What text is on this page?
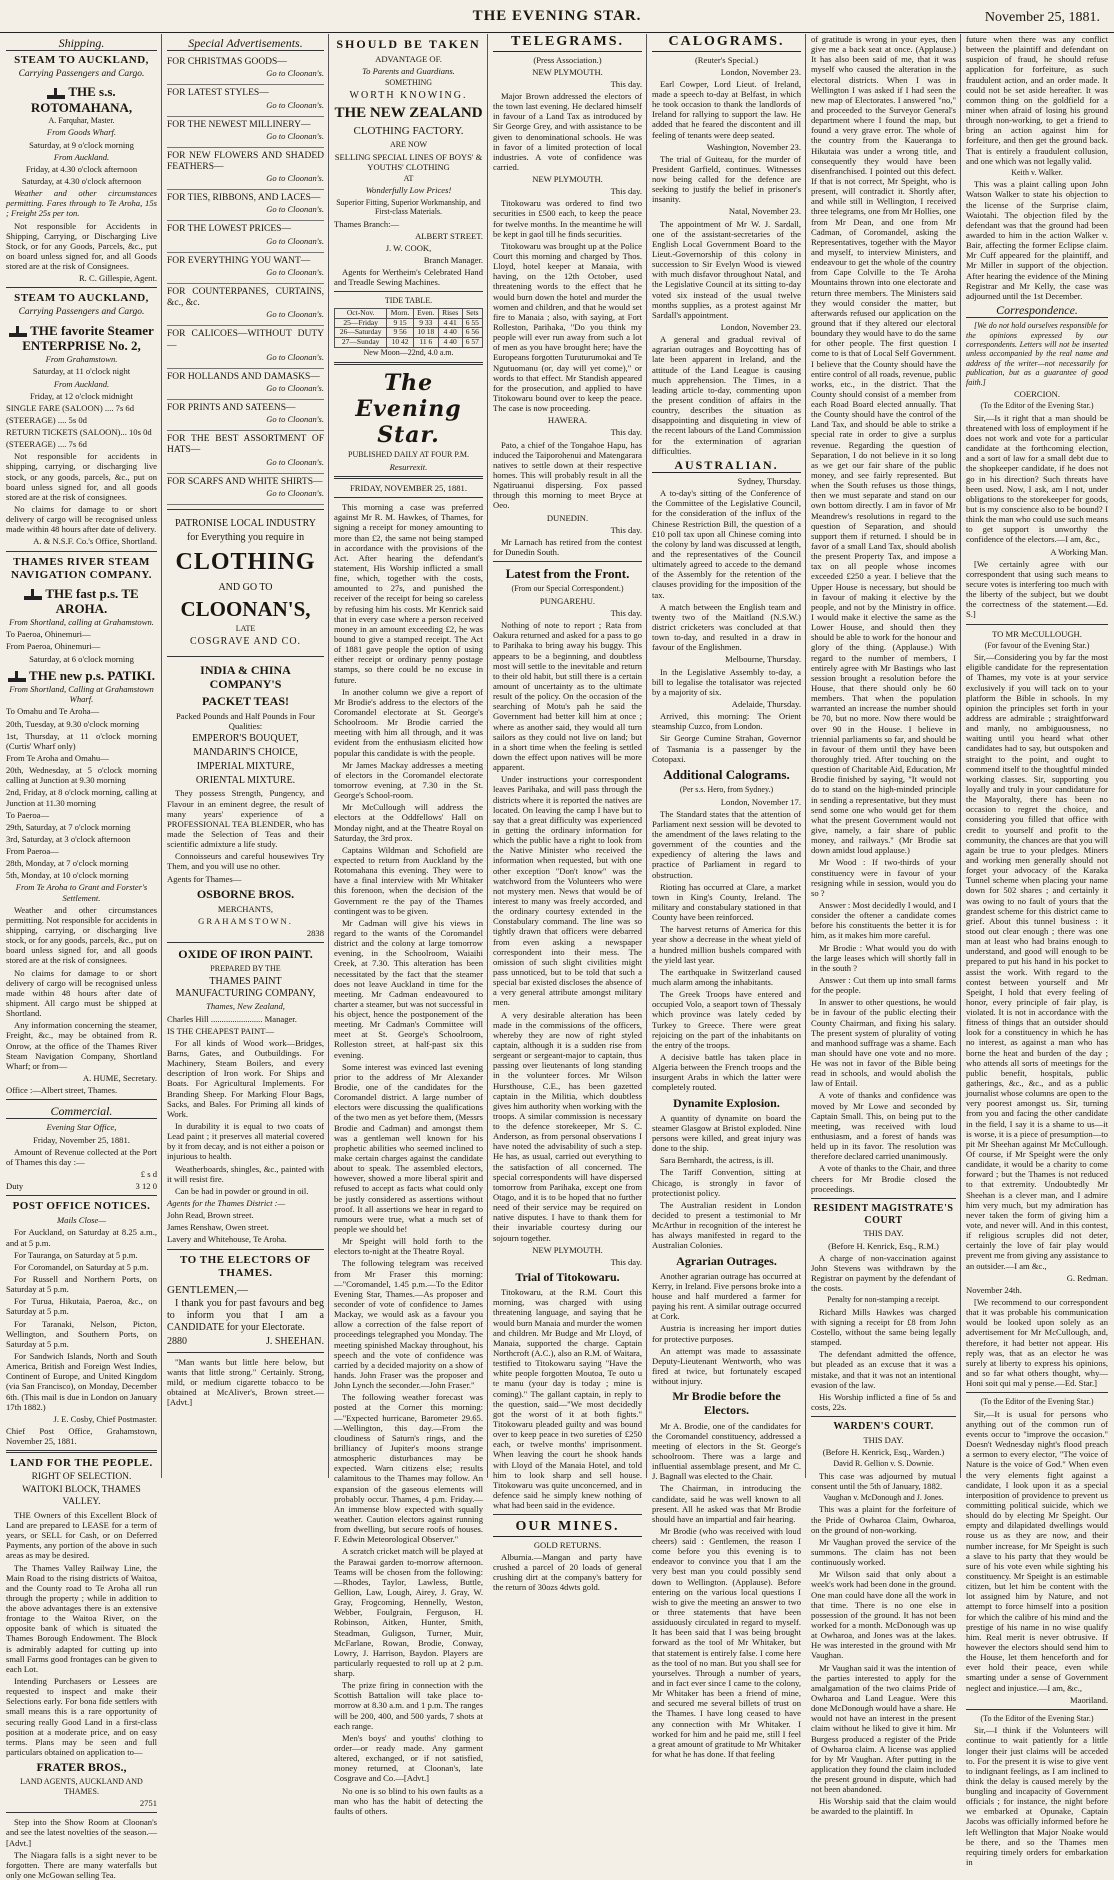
THE EVENING STAR.	November 25, 1881.
Shipping.
STEAM TO AUCKLAND,
Carrying Passengers and Cargo.
THE s.s. ROTOMAHANA,

A. Farquhar, Master.

From Goods Wharf.

Saturday, at 9 o'clock morning

From Auckland.

Friday, at 4.30 o'clock afternoon

Saturday, at 4.30 o'clock afternoon

Weather and other circumstances permitting. Fares through to Te Aroha, 15s ; Freight 25s per ton.

Not responsible for Accidents in Shipping, Carrying, or Discharging Live Stock, or for any Goods, Parcels, &c., put on board unless signed for, and all Goods stored are at the risk of Consignees.

R. C. Gillespie, Agent.

STEAM TO AUCKLAND,
Carrying Passengers and Cargo.
THE favorite Steamer ENTERPRISE No. 2,

From Grahamstown.

Saturday, at 11 o'clock night

From Auckland.

Friday, at 12 o'clock midnight

SINGLE FARE (SALOON) .... 7s 6d

(STEERAGE) .... 5s 0d

RETURN TICKETS (SALOON)... 10s 0d

(STEERAGE) .... 7s 6d

Not responsible for accidents in shipping, carrying, or discharging live stock, or any goods, parcels, &c., put on board unless signed for, and all goods stored are at the risk of consignees.

No claims for damage to or short delivery of cargo will be recognised unless made within 48 hours after date of delivery.

A. & N.S.F. Co.'s Office, Shortland.

THAMES RIVER STEAM NAVIGATION COMPANY.
THE fast p.s. TE AROHA.

From Shortland, calling at Grahamstown.

To Paeroa, Ohinemuri—

From Paeroa, Ohinemuri—

Saturday, at 6 o'clock morning

THE new p.s. PATIKI.

From Shortland, Calling at Grahamstown Wharf.

To Omahu and Te Aroha—

20th, Tuesday, at 9.30 o'clock morning

1st, Thursday, at 11 o'clock morning (Curtis' Wharf only)

From Te Aroha and Omahu—

20th, Wednesday, at 5 o'clock morning calling at Junction at 9.30 morning

2nd, Friday, at 8 o'clock morning, calling at Junction at 11.30 morning

To Paeroa—

29th, Saturday, at 7 o'clock morning

3rd, Saturday, at 3 o'clock afternoon

From Paeroa—

28th, Monday, at 7 o'clock morning

5th, Monday, at 10 o'clock morning

From Te Aroha to Grant and Forster's Settlement.

Weather and other circumstances permitting. Not responsible for accidents in shipping, carrying, or discharging live stock, or for any goods, parcels, &c., put on board unless signed for, and all goods stored are at the risk of consignees.

No claims for damage to or short delivery of cargo will be recognised unless made within 48 hours after date of shipment. All cargo must be shipped at Shortland.

Any information concerning the steamer, Freight, &c., may be obtained from R. Onrow, at the office of the Thames River Steam Navigation Company, Shortland Wharf; or from—

A. HUME, Secretary.

Office :—Albert street, Thames.

Commercial.

Evening Star Office,

Friday, November 25, 1881.

Amount of Revenue collected at the Port of Thames this day :—

£ s d

Duty	3 12 0
POST OFFICE NOTICES.

Mails Close—

For Auckland, on Saturday at 8.25 a.m., and at 5 p.m.

For Tauranga, on Saturday at 5 p.m.

For Coromandel, on Saturday at 5 p.m.

For Russell and Northern Ports, on Saturday at 5 p.m.

For Turua, Hikutaia, Paeroa, &c., on Saturday at 5 p.m.

For Taranaki, Nelson, Picton, Wellington, and Southern Ports, on Saturday at 5 p.m.

For Sandwich Islands, North and South America, British and Foreign West Indies, Continent of Europe, and United Kingdom (via San Francisco), on Monday, December 6th. (This mail is due in London on January 17th 1882.)

J. E. Cosby, Chief Postmaster.

Chief Post Office, Grahamstown, November 25, 1881.

LAND FOR THE PEOPLE.
RIGHT OF SELECTION.
WAITOKI BLOCK, THAMES VALLEY.

THE Owners of this Excellent Block of Land are prepared to LEASE for a term of years, or SELL for Cash, or on Deferred Payments, any portion of the above in such areas as may be desired.

The Thames Valley Railway Line, the Main Road to the rising districts of Waitoa, and the County road to Te Aroha all run through the property ; while in addition to the above advantages there is an extensive frontage to the Waitoa River, on the opposite bank of which is situated the Thames Borough Endowment. The Block is admirably adapted for cutting up into small Farms good frontages can be given to each Lot.

Intending Purchasers or Lessees are requested to inspect and make their Selections early. For bona fide settlers with small means this is a rare opportunity of securing really Good Land in a first-class position at a moderate price, and on easy terms. Plans may be seen and full particulars obtained on application to—

FRATER BROS.,

LAND AGENTS, AUCKLAND AND THAMES.

2751

Step into the Show Room at Cloonan's and see the latest novelties of the season.—[Advt.]

The Niagara falls is a sight never to be forgotten. There are many waterfalls but only one McGowan selling Tea.

Special Advertisements.
FOR CHRISTMAS GOODS—
Go to Cloonan's.
FOR LATEST STYLES—
Go to Cloonan's.
FOR THE NEWEST MILLINERY—
Go to Cloonan's.
FOR NEW FLOWERS AND SHADED FEATHERS—
Go to Cloonan's.
FOR TIES, RIBBONS, AND LACES—
Go to Cloonan's.
FOR THE LOWEST PRICES—
Go to Cloonan's.
FOR EVERYTHING YOU WANT—
Go to Cloonan's.
FOR COUNTERPANES, CURTAINS, &c., &c.
Go to Cloonan's.
FOR CALICOES—WITHOUT DUTY—
Go to Cloonan's.
FOR HOLLANDS AND DAMASKS—
Go to Cloonan's.
FOR PRINTS AND SATEENS—
Go to Cloonan's.
FOR THE BEST ASSORTMENT OF HATS—
Go to Cloonan's.
FOR SCARFS AND WHITE SHIRTS—
Go to Cloonan's.

PATRONISE LOCAL INDUSTRY

for Everything you require in

CLOTHING

AND GO TO

CLOONAN'S,

LATE

COSGRAVE AND CO.

INDIA & CHINA COMPANY'S
PACKET TEAS!

Packed Pounds and Half Pounds in Four Qualities:

EMPEROR'S BOUQUET,

MANDARIN'S CHOICE,

IMPERIAL MIXTURE,

ORIENTAL MIXTURE.

They possess Strength, Pungency, and Flavour in an eminent degree, the result of many years' experience of a PROFESSIONAL TEA BLENDER, who has made the Selection of Teas and their scientific admixture a life study.

Connoisseurs and careful housewives Try Them, and you will use no other.

Agents for Thames—

OSBORNE BROS.

MERCHANTS,

GRAHAMSTOWN.

2838

OXIDE OF IRON PAINT.

PREPARED BY THE

THAMES PAINT MANUFACTURING COMPANY,

Thames, New Zealand,

Charles Hill ........................ Manager.

IS THE CHEAPEST PAINT—

For all kinds of Wood work—Bridges, Barns, Gates, and Outbuildings. For Machinery, Steam Boilers, and every description of Iron work. For Ships and Boats. For Agricultural Implements. For Branding Sheep. For Marking Flour Bags, Sacks, and Bales. For Priming all kinds of Work.

In durability it is equal to two coats of Lead paint ; it preserves all material covered by it from decay, and is not either a poison or injurious to health.

Weatherboards, shingles, &c., painted with it will resist fire.

Can be had in powder or ground in oil.

Agents for the Thames District :—

John Read, Brown street.

James Renshaw, Owen street.

Lavery and Whitehouse, Te Aroha.

TO THE ELECTORS OF THAMES.

GENTLEMEN,—

I thank you for past favours and beg to inform you that I am a CANDIDATE for your Electorate.

2880	J. SHEEHAN.

"Man wants but little here below, but wants that little strong." Certainly. Strong, mild, or medium cigarette tobacco to be obtained at McAliver's, Brown street.—[Advt.]

SHOULD BE TAKEN

ADVANTAGE OF.

To Parents and Guardians.

SOMETHING

WORTH KNOWING.

THE NEW ZEALAND

CLOTHING FACTORY.

ARE NOW

SELLING SPECIAL LINES OF BOYS' & YOUTHS' CLOTHING

AT

Wonderfully Low Prices!

Superior Fitting, Superior Workmanship, and First-class Materials.

Thames Branch:—

ALBERT STREET.

J. W. COOK,

Branch Manager.

Agents for Wertheim's Celebrated Hand and Treadle Sewing Machines.

TIDE TABLE.

Oct-Nov.	Morn.	Even.	Rises	Sets
25—Friday	9 15	9 33	4 41	6 55
26—Saturday	9 56	10 18	4 40	6 56
27—Sunday	10 42	11 6	4 40	6 57

New Moon—22nd, 4.0 a.m.

The Evening Star.

PUBLISHED DAILY AT FOUR P.M.

Resurrexit.

FRIDAY, NOVEMBER 25, 1881.

This morning a case was preferred against Mr R. M. Hawkes, of Thames, for signing a receipt for money amounting to more than £2, the same not being stamped in accordance with the provisions of the Act. After hearing the defendant's statement, His Worship inflicted a small fine, which, together with the costs, amounted to 27s, and punished the receiver of the receipt for being so careless by refusing him his costs. Mr Kenrick said that in every case where a person received money in an amount exceeding £2, he was bound to give a stamped receipt. The Act of 1881 gave people the option of using either receipt or ordinary penny postage stamps, so there could be no excuse in future.

In another column we give a report of Mr Brodie's address to the electors of the Coromandel electorate at St. George's Schoolroom. Mr Brodie carried the meeting with him all through, and it was evident from the enthusiasm elicited how popular this candidate is with the people.

Mr James Mackay addresses a meeting of electors in the Coromandel electorate tomorrow evening, at 7.30 in the St. George's School-room.

Mr McCullough will address the electors at the Oddfellows' Hall on Monday night, and at the Theatre Royal on Saturday, the 3rd prox.

Captains Wildman and Schofield are expected to return from Auckland by the Rotomahana this evening. They were to have a final interview with Mr Whitaker this forenoon, when the decision of the Government re the pay of the Thames contingent was to be given.

Mr Cadman will give his views in regard to the wants of the Coromandel district and the colony at large tomorrow evening, in the Schoolroom, Waiaihi Creek, at 7.30. This alteration has been necessitated by the fact that the steamer does not leave Auckland in time for the meeting. Mr Cadman endeavoured to charter a steamer, but was not successful in his object, hence the postponement of the meeting. Mr Cadman's Committee will meet at St. George's Schoolroom, Rolleston street, at half-past six this evening.

Some interest was evinced last evening prior to the address of Mr Alexander Brodie, one of the candidates for the Coromandel district. A large number of electors were discussing the qualifications of the two men as yet before them, (Messrs Brodie and Cadman) and amongst them was a gentleman well known for his prophetic abilities who seemed inclined to make certain charges against the candidate about to speak. The assembled electors, however, showed a more liberal spirit and refused to accept as facts what could only be justly considered as assertions without proof. It all assertions we hear in regard to rumours were true, what a much set of people we should be!

Mr Speight will hold forth to the electors to-night at the Theatre Royal.

The following telegram was received from Mr Fraser this morning:—"Coromandel, 1.45 p.m.—To the Editor Evening Star, Thames.—As proposer and seconder of vote of confidence to James Mackay, we would ask as a favour you allow a correction of the false report of proceedings telegraphed you Monday. The meeting spinished Mackay throughout, his speech and the vote of confidence was carried by a decided majority on a show of hands. John Fraser was the proposer and John Lynch the seconder.—John Fraser."

The following weather forecast was posted at the Corner this morning:—"Expected hurricane, Barometer 29.65.—Wellington, this day.—From the cloudiness of Saturn's rings, and the brilliancy of Jupiter's moons strange atmospheric disturbances may be expected. Warn citizens else; results calamitous to the Thames may follow. An expansion of the gaseous elements will probably occur. Thames, 4 p.m. Friday.—An immense blow expected with squally weather. Caution electors against running from dwelling, but secure roofs of houses. F. Edwin Meteorological Observer."

A scratch cricket match will be played at the Parawai garden to-morrow afternoon. Teams will be chosen from the following:—Rhodes, Taylor, Lawless, Buttle, Gellion, Law, Lough, Airey, J. Gray, W. Gray, Frogcoming, Hennelly, Weston, Webber, Foulgrain, Ferguson, H. Robinson, Aitken, Hunter, Smith, Steadman, Guligson, Turner, Muir, McFarlane, Rowan, Brodie, Conway, Lowry, J. Harrison, Baydon. Players are particularly requested to roll up at 2 p.m. sharp.

The prize firing in connection with the Scottish Battalion will take place to-morrow at 8.30 a.m. and 1 p.m. The ranges will be 200, 400, and 500 yards, 7 shots at each range.

Men's boys' and youths' clothing to order—or ready made. Any garment altered, exchanged, or if not satisfied, money returned, at Cloonan's, late Cosgrave and Co.—[Advt.]

No one is so blind to his own faults as a man who has the habit of detecting the faults of others.

TELEGRAMS.

(Press Association.)

NEW PLYMOUTH.

This day.

Major Brown addressed the electors of the town last evening. He declared himself in favour of a Land Tax as introduced by Sir George Grey, and with assistance to be given to denominational schools. He was in favor of a limited protection of local industries. A vote of confidence was carried.

NEW PLYMOUTH.

This day.

Titokowaru was ordered to find two securities in £500 each, to keep the peace for twelve months. In the meantime he will be kept in gaol till he finds securities.

Titokowaru was brought up at the Police Court this morning and charged by Thos. Lloyd, hotel keeper at Manaia, with having, on the 12th October, used threatening words to the effect that he would burn down the hotel and murder the women and children, and that he would set fire to Manaia ; also, with saying, at Fort Rolleston, Parihaka, "Do you think my people will ever run away from such a lot of men as you have brought here; have the Europeans forgotten Turuturumokai and Te Ngutuomanu (or, day will yet come)," or words to that effect. Mr Standish appeared for the prosecution, and applied to have Titokowaru bound over to keep the peace. The case is now proceeding.

HAWERA.

This day.

Pato, a chief of the Tongahoe Hapu, has induced the Taiporohenui and Matengarara natives to settle down at their respective homes. This will probably result in all the Ngatiruanui dispersing. Fox passed through this morning to meet Bryce at Oeo.

DUNEDIN.

This day.

Mr Larnach has retired from the contest for Dunedin South.

Latest from the Front.

(From our Special Correspondent.)

PUNGAREHU.

This day.

Nothing of note to report ; Rata from Oakura returned and asked for a pass to go to Parihaka to bring away his buggy. This appears to be a beginning, and doubtless most will settle to the inevitable and return to their old habit, but still there is a certain amount of uncertainty as to the ultimate result of the policy. On the occasion of the searching of Motu's pah he said the Government had better kill him at once ; where as another said, they would all turn sailors as they could not live on land; but in a short time when the feeling is settled down the effect upon natives will be more apparent.

Under instructions your correspondent leaves Parihaka, and will pass through the districts where it is reported the natives are located. On leaving the camp I have but to say that a great difficulty was experienced in getting the ordinary information for which the public have a right to look from the Native Minister who received the information when requested, but with one other exception "Don't know" was the watchword from the Volunteers who were not mystery men. News that would be of interest to many was freely accorded, and the ordinary courtesy extended in the Constabulary command. The line was so tightly drawn that officers were debarred from even asking a newspaper correspondent into their mess. The omission of such slight civilities might pass unnoticed, but to be told that such a special bar existed discloses the absence of a very general attribute amongst military men.

A very desirable alteration has been made in the commissions of the officers, whereby they are now of right styled captain, although it is a sudden rise from sergeant or sergeant-major to captain, thus passing over lieutenants of long standing in the volunteer forces. Mr Wilson Hursthouse, C.E., has been gazetted captain in the Militia, which doubtless gives him authority when working with the troops. A similar commission is necessary to the defence storekeeper, Mr S. C. Anderson, as from personal observations I have noted the advisability of such a step. He has, as usual, carried out everything to the satisfaction of all concerned. The special correspondents will have dispersed tomorrow from Parihaka, except one from Otago, and it is to be hoped that no further need of their service may be required on native disputes. I have to thank them for their invariable courtesy during our sojourn together.

NEW PLYMOUTH.

This day.

Trial of Titokowaru.

Titokowaru, at the R.M. Court this morning, was charged with using threatening language, and saying that he would burn Manaia and murder the women and children. Mr Budge and Mr Lloyd, of Manaia, supported the charge. Captain Northcroft (A.C.), also an R.M. of Waitara, testified to Titokowaru saying "Have the white people forgotten Moutoa, Te outo u te manu (your day is today ; mine is coming)." The gallant captain, in reply to the question, said—"We most decidedly got the worst of it at both fights." Titokowaru pleaded guilty and was bound over to keep peace in two sureties of £250 each, or twelve months' imprisonment. When leaving the court he shook hands with Lloyd of the Manaia Hotel, and told him to look sharp and sell house. Titokowaru was quite unconcerned, and in defence said he simply knew nothing of what had been said in the evidence.

OUR MINES.

GOLD RETURNS.

Alburnia.—Mangan and party have crushed a parcel of 20 loads of general crushing dirt at the company's battery for the return of 30ozs 4dwts gold.

CALOGRAMS.

(Reuter's Special.)

London, November 23.

Earl Cowper, Lord Lieut. of Ireland, made a speech to-day at Belfast, in which he took occasion to thank the landlords of Ireland for rallying to support the law. He added that he feared the discontent and ill feeling of tenants were deep seated.

Washington, November 23.

The trial of Guiteau, for the murder of President Garfield, continues. Witnesses now being called for the defence are seeking to justify the belief in prisoner's insanity.

Natal, November 23.

The appointment of Mr W. J. Sardall, one of the assistant-secretaries of the English Local Government Board to the Lieut.-Governorship of this colony in succession to Sir Evelyn Wood is viewed with much disfavor throughout Natal, and the Legislative Council at its sitting to-day voted six instead of the usual twelve months supplies, as a protest against Mr Sardall's appointment.

London, November 23.

A general and gradual revival of agrarian outrages and Boycotting has of late been apparent in Ireland, and the attitude of the Land League is causing much apprehension. The Times, in a leading article to-day, commenting upon the present condition of affairs in the country, describes the situation as disappointing and disquieting in view of the recent labours of the Land Commission for the extermination of agrarian difficulties.

AUSTRALIAN.

Sydney, Thursday.

A to-day's sitting of the Conference of the Committee of the Legislative Council, for the consideration of the influx of the Chinese Restriction Bill, the question of a £10 poll tax upon all Chinese coming into the colony by land was discussed at length, and the representatives of the Council ultimately agreed to accede to the demand of the Assembly for the retention of the clauses providing for the imposition of the tax.

A match between the English team and twenty two of the Maitland (N.S.W.) district cricketers was concluded at that town to-day, and resulted in a draw in favour of the Englishmen.

Melbourne, Thursday.

In the Legislative Assembly to-day, a bill to legalise the totalisator was rejected by a majority of six.

Adelaide, Thursday.

Arrived, this morning: The Orient steamship Cuzco, from London.

Sir George Cumine Strahan, Governor of Tasmania is a passenger by the Cotopaxi.

Additional Calograms.

(Per s.s. Hero, from Sydney.)

London, November 17.

The Standard states that the attention of Parliament next session will be devoted to the amendment of the laws relating to the government of the counties and the expediency of altering the laws and practice of Parliament in regard to obstruction.

Rioting has occurred at Clare, a market town in King's County, Ireland. The military and constabulary stationed in that County have been reinforced.

The harvest returns of America for this year show a decrease in the wheat yield of a hundred million bushels compared with the yield last year.

The earthquake in Switzerland caused much alarm among the inhabitants.

The Greek Troops have entered and occupied Volo, a seaport town of Thessaly which province was lately ceded by Turkey to Greece. There were great rejoicing on the part of the inhabitants on the entry of the troops.

A decisive battle has taken place in Algeria between the French troops and the insurgent Arabs in which the latter were completely routed.

Dynamite Explosion.

A quantity of dynamite on board the steamer Glasgow at Bristol exploded. Nine persons were killed, and great injury was done to the ship.

Sara Bernhardt, the actress, is ill.

The Tariff Convention, sitting at Chicago, is strongly in favor of protectionist policy.

The Australian resident in London decided to present a testimonial to Mr McArthur in recognition of the interest he has always manifested in regard to the Australian Colonies.

Agrarian Outrages.

Another agrarian outrage has occurred at Kerry, in Ireland. Five persons broke into a house and half murdered a farmer for paying his rent. A similar outrage occurred at Cork.

Austria is increasing her import duties for protective purposes.

An attempt was made to assassinate Deputy-Lieutenant Wentworth, who was fired at twice, but fortunately escaped without injury.

Mr Brodie before the Electors.

Mr A. Brodie, one of the candidates for the Coromandel constituency, addressed a meeting of electors in the St. George's schoolroom. There was a large and influential assemblage present, and Mr C. J. Bagnall was elected to the Chair.

The Chairman, in introducing the candidate, said he was well known to all present. All he asked was that Mr Brodie should have an impartial and fair hearing.

Mr Brodie (who was received with loud cheers) said : Gentlemen, the reason I come before you this evening is to endeavor to convince you that I am the very best man you could possibly send down to Wellington. (Applause). Before entering on the various local questions I wish to give the meeting an answer to two or three statements that have been assiduously circulated in regard to myself. It has been said that I was being brought forward as the tool of Mr Whitaker, but that statement is entirely false. I come here as the tool of no man. But you shall see for yourselves. Through a number of years, and in fact ever since I came to the colony, Mr Whitaker has been a friend of mine, and secured me several billets of trust on the Thames. I have long ceased to have any connection with Mr Whitaker. I worked for him and he paid me, still I feel a great amount of gratitude to Mr Whitaker for what he has done. If that feeling

of gratitude is wrong in your eyes, then give me a back seat at once. (Applause.) It has also been said of me, that it was myself who caused the alteration in the electoral districts. When I was in Wellington I was asked if I had seen the new map of Electorates. I answered "no," and proceeded to the Surveyor General's department where I found the map, but found a very grave error. The whole of the country from the Kaueranga to Hikutaia was under a wrong title, and consequently they would have been disenfranchised. I pointed out this defect. If that is not correct, Mr Speight, who is present, will contradict it. Shortly after, and while still in Wellington, I received three telegrams, one from Mr Hollies, one from Mr Dean, and one from Mr Cadman, of Coromandel, asking the Representatives, together with the Mayor and myself, to interview Ministers, and endeavour to get the whole of the country from Cape Colville to the Te Aroha Mountains thrown into one electorate and return three members. The Ministers said they would consider the matter, but afterwards refused our application on the ground that if they altered our electoral boundary they would have to do the same for other people. The first question I come to is that of Local Self Government. I believe that the County should have the entire control of all roads, revenue, public works, etc., in the district. That the County should consist of a member from each Road Board elected annually. That the County should have the control of the Land Tax, and should be able to strike a special rate in order to give a surplus revenue. Regarding the question of Separation, I do not believe in it so long as we get our fair share of the public money, and see fairly represented. But when the South refuses us those things, then we must separate and stand on our own bottom directly. I am in favor of Mr Meandrew's resolutions in regard to the question of Separation, and should support them if returned. I should be in favor of a small Land Tax, should abolish the present Property Tax, and impose a tax on all people whose incomes exceeded £250 a year. I believe that the Upper House is necessary, but should be in favour of making it elective by the people, and not by the Ministry in office. I would make it elective the same as the Lower House, and should then they should be able to work for the honour and glory of the thing. (Applause.) With regard to the number of members, I entirely agree with Mr Bastings who last session brought a resolution before the House, that there should only be 60 members. That when the population warranted an increase the number should be 70, but no more. Now there would be over 90 in the House. I believe in triennial parliaments so far, and should be in favour of them until they have been thoroughly tried. After touching on the question of Charitable Aid, Education, Mr Brodie finished by saying, "It would not do to stand on the high-minded principle in sending a representative, but they must send some one who would get for them what the present Government would not give, namely, a fair share of public money, and railways." (Mr Brodie sat down amidst loud applause.)

Mr Wood : If two-thirds of your constituency were in favour of your resigning while in session, would you do so ?

Answer : Most decidedly I would, and I consider the oftener a candidate comes before his constituents the better it is for him, as it makes him more careful.

Mr Brodie : What would you do with the large leases which will shortly fall in in the south ?

Answer : Cut them up into small farms for the people.

In answer to other questions, he would be in favour of the public electing their County Chairman, and fixing his salary. The present system of plurality of voting and manhood suffrage was a shame. Each man should have one vote and no more. He was not in favor of the Bible being read in schools, and would abolish the law of Entail.

A vote of thanks and confidence was moved by Mr Lowe and seconded by Captain Small. This, on being put to the meeting, was received with loud enthusiasm, and a forest of hands was held up in its favor. The resolution was therefore declared carried unanimously.

A vote of thanks to the Chair, and three cheers for Mr Brodie closed the proceedings.

RESIDENT MAGISTRATE'S COURT

THIS DAY.

(Before H. Kenrick, Esq., R.M.)

A charge of non-vaccination against John Stevens was withdrawn by the Registrar on payment by the defendant of the costs.

Penalty for non-stamping a receipt.

Richard Mills Hawkes was charged with signing a receipt for £8 from John Costello, without the same being legally stamped.

The defendant admitted the offence, but pleaded as an excuse that it was a mistake, and that it was not an intentional evasion of the law.

His Worship inflicted a fine of 5s and costs, 22s.

WARDEN'S COURT.

THIS DAY.

(Before H. Kenrick, Esq., Warden.)

David R. Gellion v. S. Downie.

This case was adjourned by mutual consent until the 5th of January, 1882.

Vaughan v. McDonough and J. Jones.

This was a plaint for the forfeiture of the Pride of Owharoa Claim, Owharoa, on the ground of non-working.

Mr Vaughan proved the service of the summons. The claim has not been continuously worked.

Mr Wilson said that only about a week's work had been done in the ground. One man could have done all the work in that time. There is no one else in possession of the ground. It has not been worked for a month. McDonough was up at Owharoa, and Jones was at the lakes. He was interested in the ground with Mr Vaughan.

Mr Vaughan said it was the intention of the parties interested to apply for the amalgamation of the two claims Pride of Owharoa and Land League. Were this done McDonough would have a share. He would not have an interest in the present claim without he liked to give it him. Mr Burgess produced a register of the Pride of Owharoa claim. A license was applied for by Mr Vaughan. After putting in the application they found the claim included the present ground in dispute, which had not been abandoned.

His Worship said that the claim would be awarded to the plaintiff. In

future when there was any conflict between the plaintiff and defendant on suspicion of fraud, he should refuse application for forfeiture, as such fraudulent action, and an order made. It could not be set aside hereafter. It was common thing on the goldfield for a miner when afraid of losing his ground through non-working, to get a friend to bring an action against him for forfeiture, and then get the ground back. That is entirely a fraudulent collusion, and one which was not legally valid.

Keith v. Walker.

This was a plaint calling upon John Watson Walker to state his objection to the license of the Surprise claim, Waiotahi. The objection filed by the defendant was that the ground had been awarded to him in the action Walker v. Bair, affecting the former Eclipse claim. Mr Cuff appeared for the plaintiff, and Mr Miller in support of the objection. After hearing the evidence of the Mining Registrar and Mr Kelly, the case was adjourned until the 1st December.

Correspondence.

[We do not hold ourselves responsible for the opinions expressed by our correspondents. Letters will not be inserted unless accompanied by the real name and address of the writer—not necessarily for publication, but as a guarantee of good faith.]

COERCION.

(To the Editor of the Evening Star.)

Sir,—Is it right that a man should be threatened with loss of employment if he does not work and vote for a particular candidate at the forthcoming election, and a sort of law for a small debt due to the shopkeeper candidate, if he does not go in his direction? Such threats have been used. Now, I ask, am I not, under obligations to the storekeeper for goods, but is my conscience also to be bound? I think the man who could use such means to get support is unworthy the confidence of the electors.—I am, &c.,

A Working Man.

[We certainly agree with our correspondent that using such means to secure votes is interfering too much with the liberty of the subject, but we doubt the correctness of the statement.—Ed. S.]

TO MR McCULLOUGH.

(For favour of the Evening Star.)

Sir,—Considering you by far the most eligible candidate for the representation of Thames, my vote is at your service exclusively if you will tack on to your platform the Bible in schools. In my opinion the principles set forth in your address are admirable ; straightforward and manly, no ambiguousness, no waiting until you heard what other candidates had to say, but outspoken and straight to the point, and ought to commend itself to the thoughtful minded working classes. Sir, supporting you loyally and truly in your candidature for the Mayoralty, there has been no occasion to regret the choice, and considering you filled that office with credit to yourself and profit to the community, the chances are that you will again be true to your pledges. Miners and working men generally should not forget your advocacy of the Karaka Tunnel scheme when placing your name down for 502 shares ; and certainly it was owing to no fault of yours that the grandest scheme for this district came to grief. About this tunnel business : it stood out clear enough ; there was one man at least who had brains enough to understand, and good will enough to be prepared to put his hand in his pocket to assist the work. With regard to the contest between yourself and Mr Speight, I hold that every feeling of honor, every principle of fair play, is violated. It is not in accordance with the fitness of things that an outsider should look for a constituency in which he has no interest, as against a man who has borne the heat and burden of the day ; who attends all sorts of meetings for the public benefit, hospitals, public gatherings, &c., &c., and as a public journalist whose columns are open to the very poorest amongst us. Sir, turning from you and facing the other candidate in the field, I say it is a shame to us—it is worse, it is a piece of presumption—to pit Mr Sheehan against Mr McCullough. Of course, if Mr Speight were the only candidate, it would be a charity to come forward ; but the Thames is not reduced to that extremity. Undoubtedly Mr Sheehan is a clever man, and I admire him very much, but my admiration has never taken the form of giving him a vote, and never will. And in this contest, if religious scruples did not deter, certainly the love of fair play would prevent me from giving any assistance to an outsider.—I am &c.,

G. Redman.

November 24th.

[We recommend to our correspondent that it was probable his communication would be looked upon solely as an advertisement for Mr McCullough, and, therefore, it had better not appear. His reply was, that as an elector he was surely at liberty to express his opinions, and so far what others thought, why—Honi soit qui mal y pense.—Ed. Star.]

(To the Editor of the Evening Star.)

Sir,—It is usual for persons who anything out of the common run of events occur to "improve the occasion." Doesn't Wednesday night's flood preach a sermon to every elector, "The voice of Nature is the voice of God." When even the very elements fight against a candidate, I look upon it as a special interposition of providence to prevent us committing political suicide, which we should do by electing Mr Speight. Our empty and dilapidated dwellings would rouse us as they are now, and their number increase, for Mr Speight is such a slave to his party that they would be sure of his vote even while sighting his constituency. Mr Speight is an estimable citizen, but let him be content with the lot assigned him by Nature, and not attempt to force himself into a position for which the calibre of his mind and the prestige of his name in no wise qualify him. Real merit is never obtrusive. If however the electors should send him to the House, let them henceforth and for ever hold their peace, even while smarting under a sense of Government neglect and injustice.—I am, &c.,

Maoriland.

(To the Editor of the Evening Star.)

Sir,—I think if the Volunteers will continue to wait patiently for a little longer their just claims will be acceded to. For the present it is wise to give vent to indignant feelings, as I am inclined to think the delay is caused merely by the bungling and incapacity of Government officials ; for instance, the night before we embarked at Opunake, Captain Jacobs was officially informed before he left Wellington that Major Noake would be there, and so the Thames men requiring timely orders for embarkation in
